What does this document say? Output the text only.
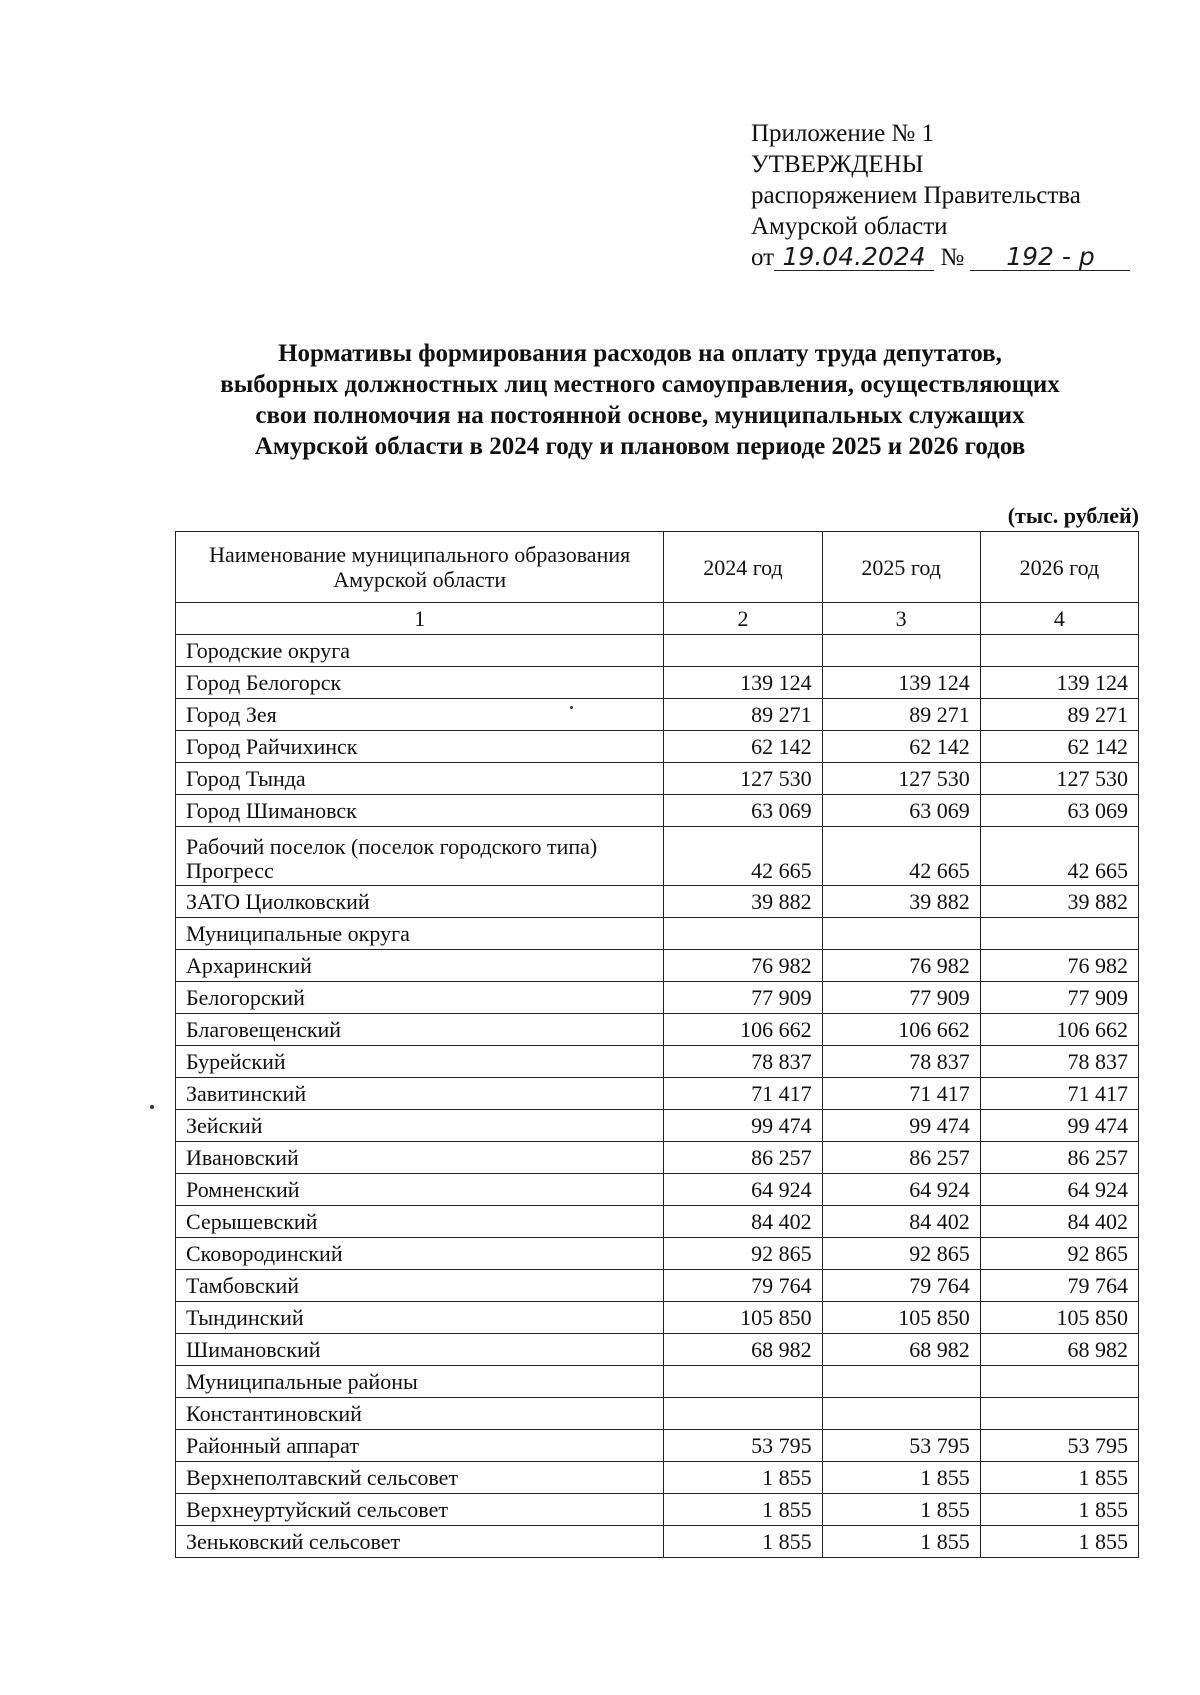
Приложение № 1
УТВЕРЖДЕНЫ
распоряжением Правительства
Амурской области
от 19.04.2024 № 192 - р
Нормативы формирования расходов на оплату труда депутатов,
выборных должностных лиц местного самоуправления, осуществляющих
свои полномочия на постоянной основе, муниципальных служащих
Амурской области в 2024 году и плановом периоде 2025 и 2026 годов
(тыс. рублей)
Наименование муниципального образования Амурской области	2024 год	2025 год	2026 год
1	2	3	4
Городские округа			
Город Белогорск	139 124	139 124	139 124
Город Зея	89 271	89 271	89 271
Город Райчихинск	62 142	62 142	62 142
Город Тында	127 530	127 530	127 530
Город Шимановск	63 069	63 069	63 069
Рабочий поселок (поселок городского типа) Прогресс	42 665	42 665	42 665
ЗАТО Циолковский	39 882	39 882	39 882
Муниципальные округа			
Архаринский	76 982	76 982	76 982
Белогорский	77 909	77 909	77 909
Благовещенский	106 662	106 662	106 662
Бурейский	78 837	78 837	78 837
Завитинский	71 417	71 417	71 417
Зейский	99 474	99 474	99 474
Ивановский	86 257	86 257	86 257
Ромненский	64 924	64 924	64 924
Серышевский	84 402	84 402	84 402
Сковородинский	92 865	92 865	92 865
Тамбовский	79 764	79 764	79 764
Тындинский	105 850	105 850	105 850
Шимановский	68 982	68 982	68 982
Муниципальные районы			
Константиновский			
Районный аппарат	53 795	53 795	53 795
Верхнеполтавский сельсовет	1 855	1 855	1 855
Верхнеуртуйский сельсовет	1 855	1 855	1 855
Зеньковский сельсовет	1 855	1 855	1 855
